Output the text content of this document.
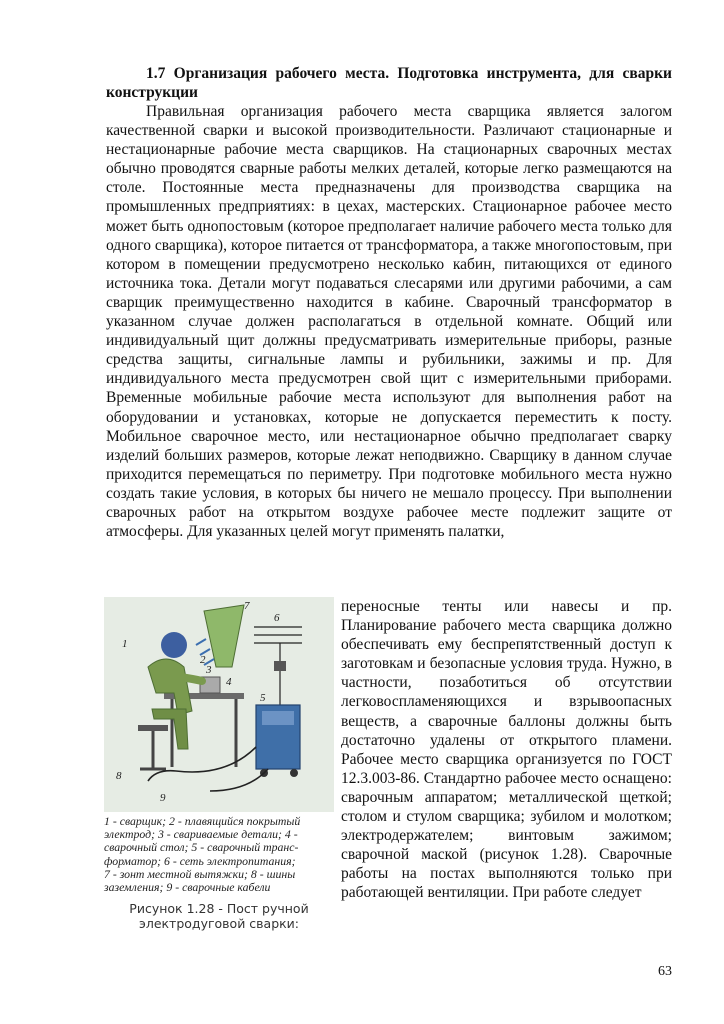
1.7 Организация рабочего места. Подготовка инструмента, для сварки конструкции

Правильная организация рабочего места сварщика является залогом качественной сварки и высокой производительности. Различают стационарные и нестационарные рабочие места сварщиков. На стационарных сварочных местах обычно проводятся сварные работы мелких деталей, которые легко размещаются на столе. Постоянные места предназначены для производства сварщика на промышленных предприятиях: в цехах, мастерских. Стационарное рабочее место может быть однопостовым (которое предполагает наличие рабочего места только для одного сварщика), которое питается от трансформатора, а также многопостовым, при котором в помещении предусмотрено несколько кабин, питающихся от единого источника тока. Детали могут подаваться слесарями или другими рабочими, а сам сварщик преимущественно находится в кабине. Сварочный трансформатор в указанном случае должен располагаться в отдельной комнате. Общий или индивидуальный щит должны предусматривать измерительные приборы, разные средства защиты, сигнальные лампы и рубильники, зажимы и пр. Для индивидуального места предусмотрен свой щит с измерительными приборами. Временные мобильные рабочие места используют для выполнения работ на оборудовании и установках, которые не допускается переместить к посту. Мобильное сварочное место, или нестационарное обычно предполагает сварку изделий больших размеров, которые лежат неподвижно. Сварщику в данном случае приходится перемещаться по периметру. При подготовке мобильного места нужно создать такие условия, в которых бы ничего не мешало процессу. При выполнении сварочных работ на открытом воздухе рабочее месте подлежит защите от атмосферы. Для указанных целей могут применять палатки,

1
2
3
4
5
6
7
8
9
1 - сварщик; 2 - плавящийся покрытый
электрод; 3 - свариваемые детали; 4 -
сварочный стол; 5 - сварочный транс-
форматор; 6 - сеть электропитания;
7 - зонт местной вытяжки; 8 - шины
заземления; 9 - сварочные кабели
Рисунок 1.28 - Пост ручной
электродуговой сварки:

переносные тенты или навесы и пр. Планирование рабочего места сварщика должно обеспечивать ему беспрепятственный доступ к заготовкам и безопасные условия труда. Нужно, в частности, позаботиться об отсутствии легковоспламеняющихся и взрывоопасных веществ, а сварочные баллоны должны быть достаточно удалены от открытого пламени. Рабочее место сварщика организуется по ГОСТ 12.3.003-86. Стандартно рабочее место оснащено: сварочным аппаратом; металлической щеткой; столом и стулом сварщика; зубилом и молотком; электродержателем; винтовым зажимом; сварочной маской (рисунок 1.28). Сварочные работы на постах выполняются только при работающей вентиляции. При работе следует

63
